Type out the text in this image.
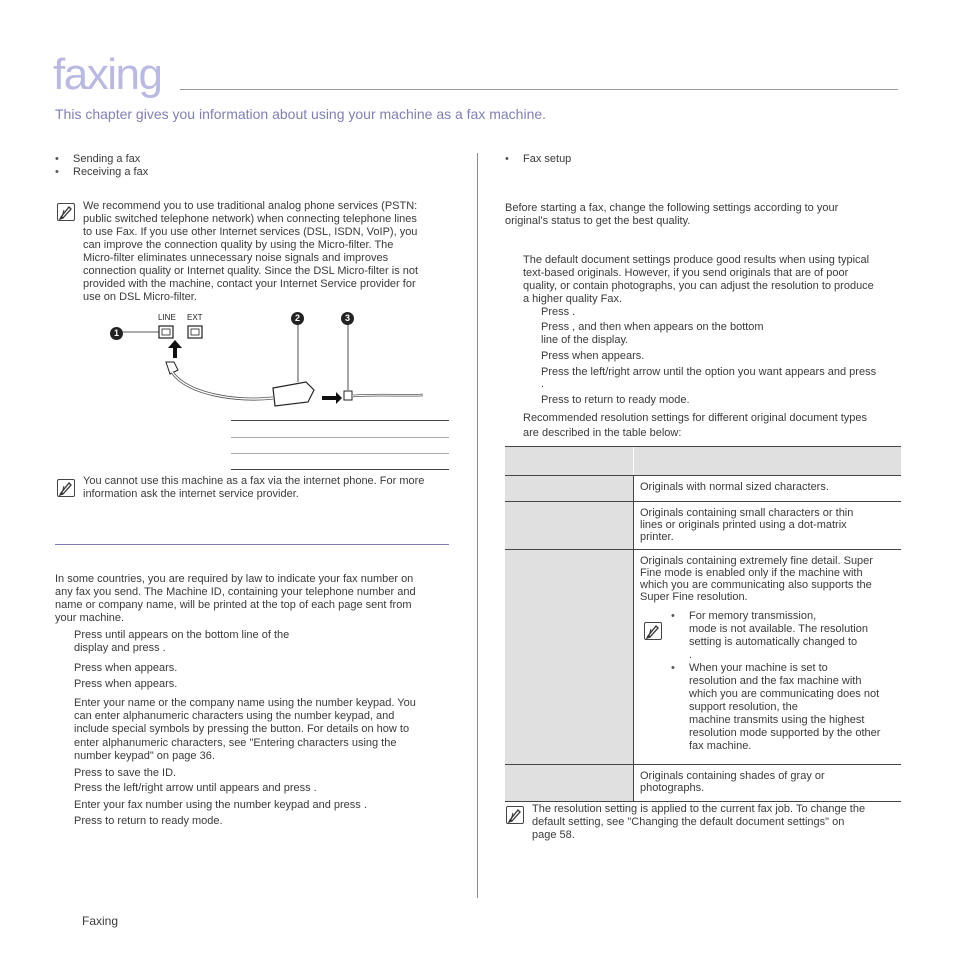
faxing
This chapter gives you information about using your machine as a fax machine.
• Sending a fax
• Receiving a fax
• Fax setup
We recommend you to use traditional analog phone services (PSTN:
public switched telephone network) when connecting telephone lines
to use Fax. If you use other Internet services (DSL, ISDN, VoIP), you
can improve the connection quality by using the Micro-filter. The
Micro-filter eliminates unnecessary noise signals and improves
connection quality or Internet quality. Since the DSL Micro-filter is not
provided with the machine, contact your Internet Service provider for
use on DSL Micro-filter.
LINE EXT
1
2	3
You cannot use this machine as a fax via the internet phone. For more
information ask the internet service provider.
In some countries, you are required by law to indicate your fax number on
any fax you send. The Machine ID, containing your telephone number and
name or company name, will be printed at the top of each page sent from
your machine.
Press until appears on the bottom line of the
display and press .
Press when appears.
Press when appears.
Enter your name or the company name using the number keypad. You
can enter alphanumeric characters using the number keypad, and
include special symbols by pressing the button. For details on how to
enter alphanumeric characters, see "Entering characters using the
number keypad" on page 36.
Press to save the ID.
Press the left/right arrow until appears and press .
Enter your fax number using the number keypad and press .
Press to return to ready mode.
Before starting a fax, change the following settings according to your
original's status to get the best quality.
The default document settings produce good results when using typical
text-based originals. However, if you send originals that are of poor
quality, or contain photographs, you can adjust the resolution to produce
a higher quality Fax.
Press .
Press , and then when appears on the bottom
line of the display.
Press when appears.
Press the left/right arrow until the option you want appears and press
.
Press to return to ready mode.
Recommended resolution settings for different original document types
are described in the table below:
Originals with normal sized characters.
Originals containing small characters or thin
lines or originals printed using a dot-matrix
printer.
Originals containing extremely fine detail. Super
Fine mode is enabled only if the machine with
which you are communicating also supports the
Super Fine resolution.
• For memory transmission,
mode is not available. The resolution
setting is automatically changed to
.
• When your machine is set to
resolution and the fax machine with
which you are communicating does not
support resolution, the
machine transmits using the highest
resolution mode supported by the other
fax machine.
Originals containing shades of gray or
photographs.
The resolution setting is applied to the current fax job. To change the
default setting, see "Changing the default document settings" on
page 58.
Faxing
